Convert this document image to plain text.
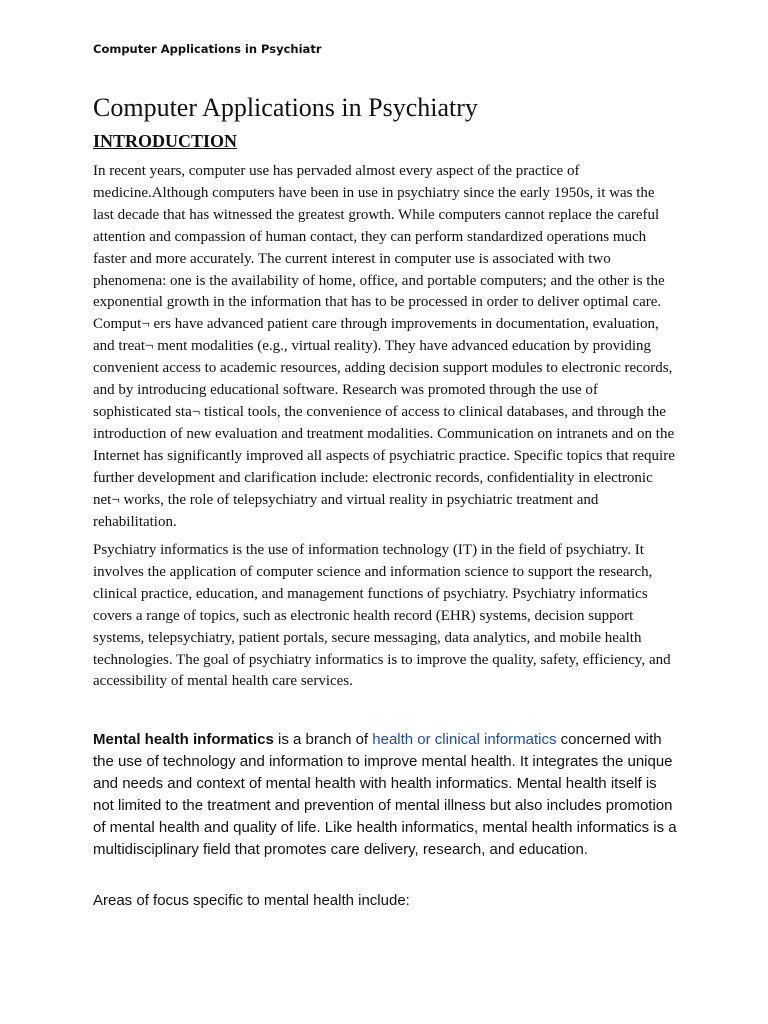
Computer Applications in Psychiatr
Computer Applications in Psychiatry
INTRODUCTION

In recent years, computer use has pervaded almost every aspect of the practice of medicine.Although computers have been in use in psychiatry since the early 1950s, it was the last decade that has witnessed the greatest growth. While computers cannot replace the careful attention and compassion of human contact, they can perform standardized operations much faster and more accurately. The current interest in computer use is associated with two phenomena: one is the availability of home, office, and portable computers; and the other is the exponential growth in the information that has to be processed in order to deliver optimal care. Comput¬ ers have advanced patient care through improvements in documentation, evaluation, and treat¬ ment modalities (e.g., virtual reality). They have advanced education by providing convenient access to academic resources, adding decision support modules to electronic records, and by introducing educational software. Research was promoted through the use of sophisticated sta¬ tistical tools, the convenience of access to clinical databases, and through the introduction of new evaluation and treatment modalities. Communication on intranets and on the Internet has significantly improved all aspects of psychiatric practice. Specific topics that require further development and clarification include: electronic records, confidentiality in electronic net¬ works, the role of telepsychiatry and virtual reality in psychiatric treatment and rehabilitation.

Psychiatry informatics is the use of information technology (IT) in the field of psychiatry. It involves the application of computer science and information science to support the research, clinical practice, education, and management functions of psychiatry. Psychiatry informatics covers a range of topics, such as electronic health record (EHR) systems, decision support systems, telepsychiatry, patient portals, secure messaging, data analytics, and mobile health technologies. The goal of psychiatry informatics is to improve the quality, safety, efficiency, and accessibility of mental health care services.

Mental health informatics is a branch of health or clinical informatics concerned with the use of technology and information to improve mental health. It integrates the unique and needs and context of mental health with health informatics. Mental health itself is not limited to the treatment and prevention of mental illness but also includes promotion of mental health and quality of life. Like health informatics, mental health informatics is a multidisciplinary field that promotes care delivery, research, and education.

Areas of focus specific to mental health include:
